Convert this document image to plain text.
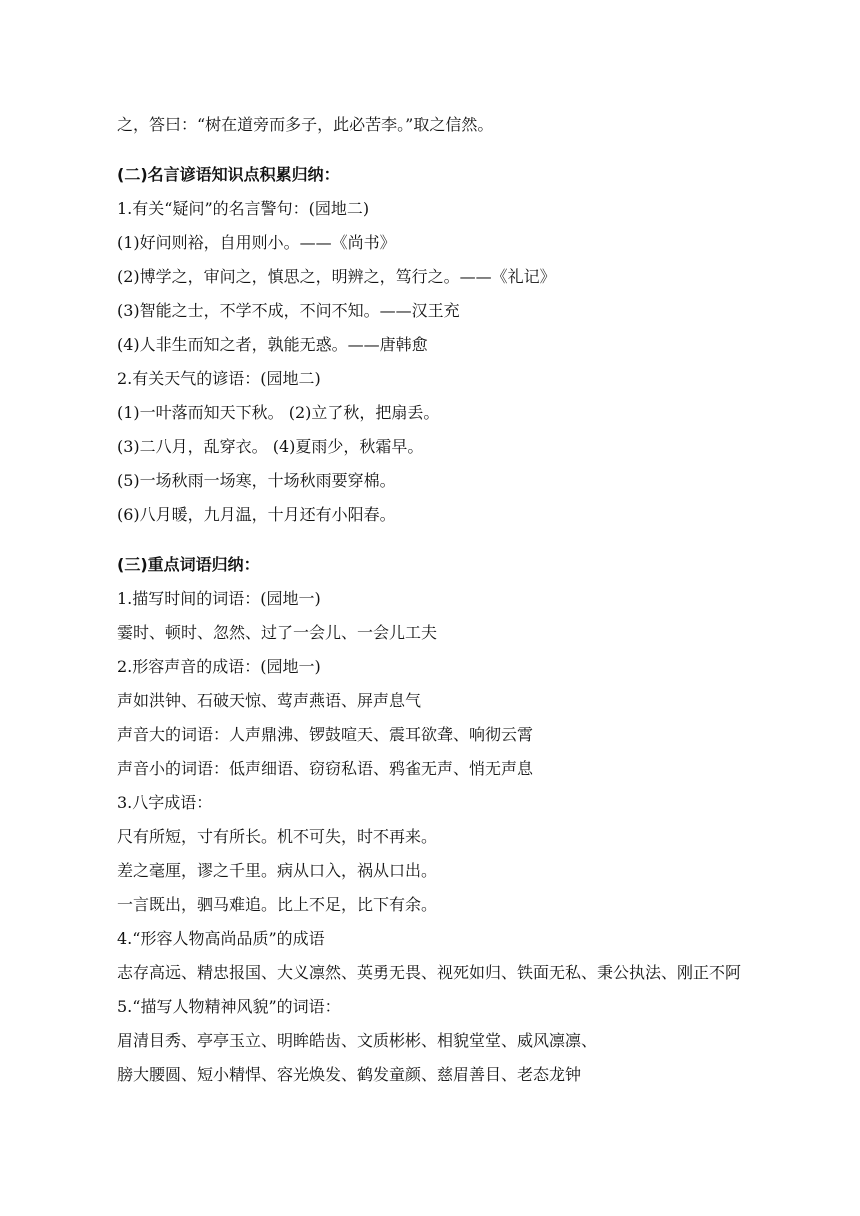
之，答曰：“树在道旁而多子，此必苦李。”取之信然。
(二)名言谚语知识点积累归纳：
1.有关“疑问”的名言警句：(园地二)
(1)好问则裕，自用则小。——《尚书》
(2)博学之，审问之，慎思之，明辨之，笃行之。——《礼记》
(3)智能之士，不学不成，不问不知。——汉王充
(4)人非生而知之者，孰能无惑。——唐韩愈
2.有关天气的谚语：(园地二)
(1)一叶落而知天下秋。 (2)立了秋，把扇丢。
(3)二八月，乱穿衣。 (4)夏雨少，秋霜早。
(5)一场秋雨一场寒，十场秋雨要穿棉。
(6)八月暖，九月温，十月还有小阳春。
(三)重点词语归纳：
1.描写时间的词语：(园地一)
霎时、顿时、忽然、过了一会儿、一会儿工夫
2.形容声音的成语：(园地一)
声如洪钟、石破天惊、莺声燕语、屏声息气
声音大的词语：人声鼎沸、锣鼓喧天、震耳欲聋、响彻云霄
声音小的词语：低声细语、窃窃私语、鸦雀无声、悄无声息
3.八字成语：
尺有所短，寸有所长。机不可失，时不再来。
差之毫厘，谬之千里。病从口入，祸从口出。
一言既出，驷马难追。比上不足，比下有余。
4.“形容人物高尚品质”的成语
志存高远、精忠报国、大义凛然、英勇无畏、视死如归、铁面无私、秉公执法、刚正不阿
5.“描写人物精神风貌”的词语：
眉清目秀、亭亭玉立、明眸皓齿、文质彬彬、相貌堂堂、威风凛凛、
膀大腰圆、短小精悍、容光焕发、鹤发童颜、慈眉善目、老态龙钟
